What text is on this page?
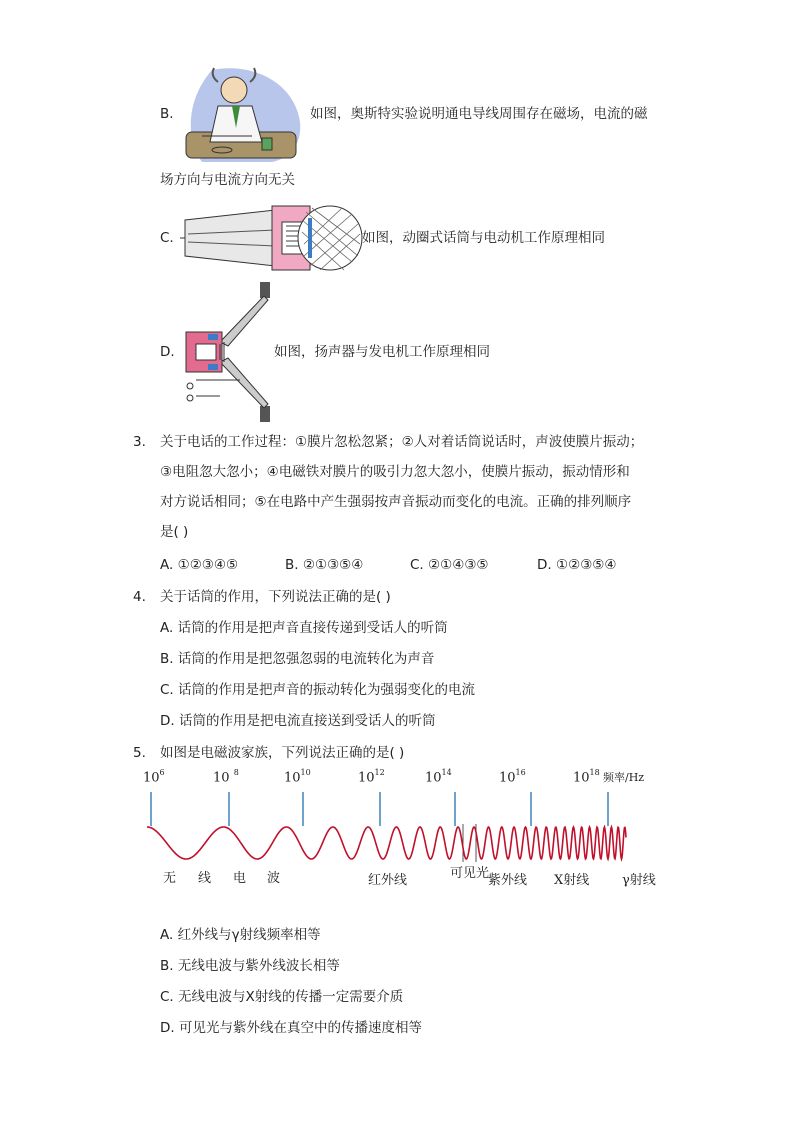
B.	如图，奥斯特实验说明通电导线周围存在磁场，电流的磁
场方向与电流方向无关
C.	如图，动圈式话筒与电动机工作原理相同
D.	如图，扬声器与发电机工作原理相同
3. 关于电话的工作过程：①膜片忽松忽紧；②人对着话筒说话时，声波使膜片振动；
③电阻忽大忽小；④电磁铁对膜片的吸引力忽大忽小，使膜片振动，振动情形和
对方说话相同；⑤在电路中产生强弱按声音振动而变化的电流。正确的排列顺序
是( )
A. ①②③④⑤	B. ②①③⑤④	C. ②①④③⑤	D. ①②③⑤④
4. 关于话筒的作用，下列说法正确的是( )
A. 话筒的作用是把声音直接传递到受话人的听筒
B. 话筒的作用是把忽强忽弱的电流转化为声音
C. 话筒的作用是把声音的振动转化为强弱变化的电流
D. 话筒的作用是把电流直接送到受话人的听筒
5. 如图是电磁波家族，下列说法正确的是( )
$10^6$	10 $^8$	$10^{10}$	$10^{12}$	$10^{14}$	$10^{16}$	$10^{18}$ 频率/Hz
无 线 电 波	红外线	可见光
紫外线 X射线	γ射线
A. 红外线与γ射线频率相等
B. 无线电波与紫外线波长相等
C. 无线电波与X射线的传播一定需要介质
D. 可见光与紫外线在真空中的传播速度相等
